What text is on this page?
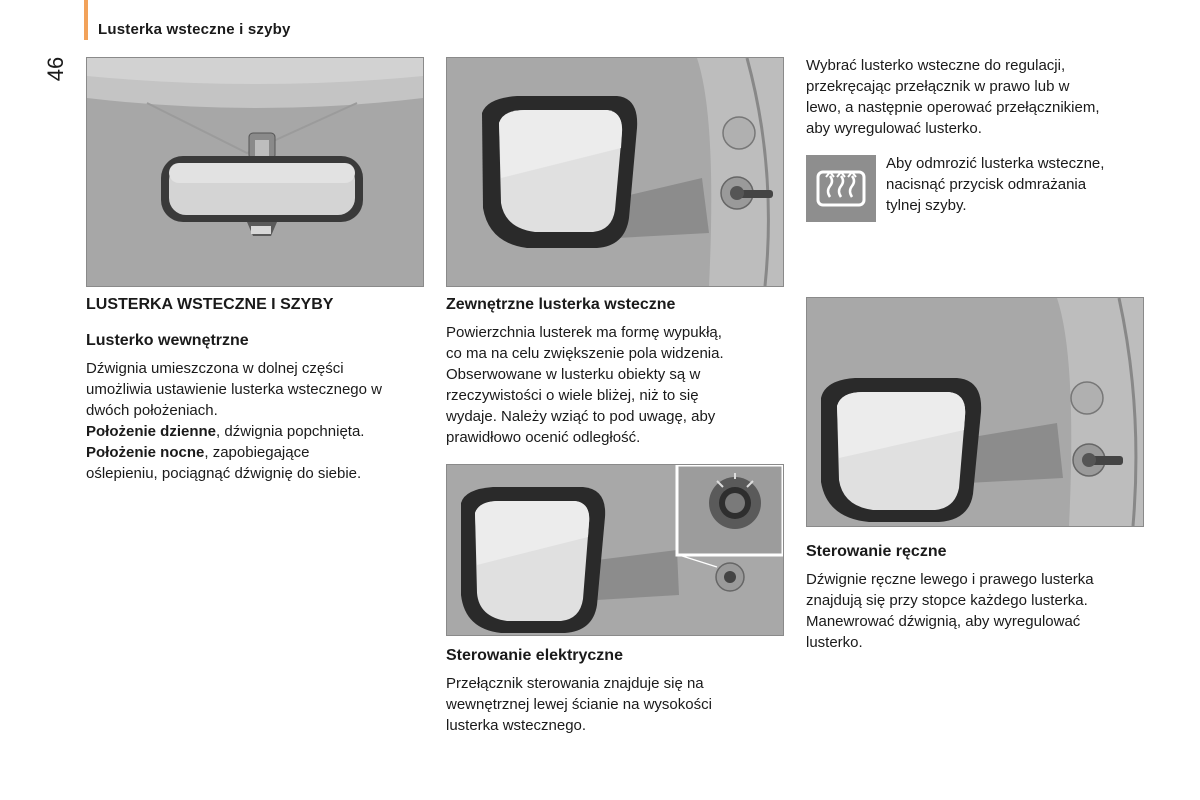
Lusterka wsteczne i szyby
46
LUSTERKA WSTECZNE I SZYBY
Lusterko wewnętrzne

Dźwignia umieszczona w dolnej części

umożliwia ustawienie lusterka wstecznego w

dwóch położeniach.

Położenie dzienne, dźwignia popchnięta.

Położenie nocne, zapobiegające

oślepieniu, pociągnąć dźwignię do siebie.

Zewnętrzne lusterka wsteczne

Powierzchnia lusterek ma formę wypukłą,

co ma na celu zwiększenie pola widzenia.

Obserwowane w lusterku obiekty są w

rzeczywistości o wiele bliżej, niż to się

wydaje. Należy wziąć to pod uwagę, aby

prawidłowo ocenić odległość.

Sterowanie elektryczne

Przełącznik sterowania znajduje się na

wewnętrznej lewej ścianie na wysokości

lusterka wstecznego.

Wybrać lusterko wsteczne do regulacji,

przekręcając przełącznik w prawo lub w

lewo, a następnie operować przełącznikiem,

aby wyregulować lusterko.

Aby odmrozić lusterka wsteczne,

nacisnąć przycisk odmrażania

tylnej szyby.

Sterowanie ręczne

Dźwignie ręczne lewego i prawego lusterka

znajdują się przy stopce każdego lusterka.

Manewrować dźwignią, aby wyregulować

lusterko.
